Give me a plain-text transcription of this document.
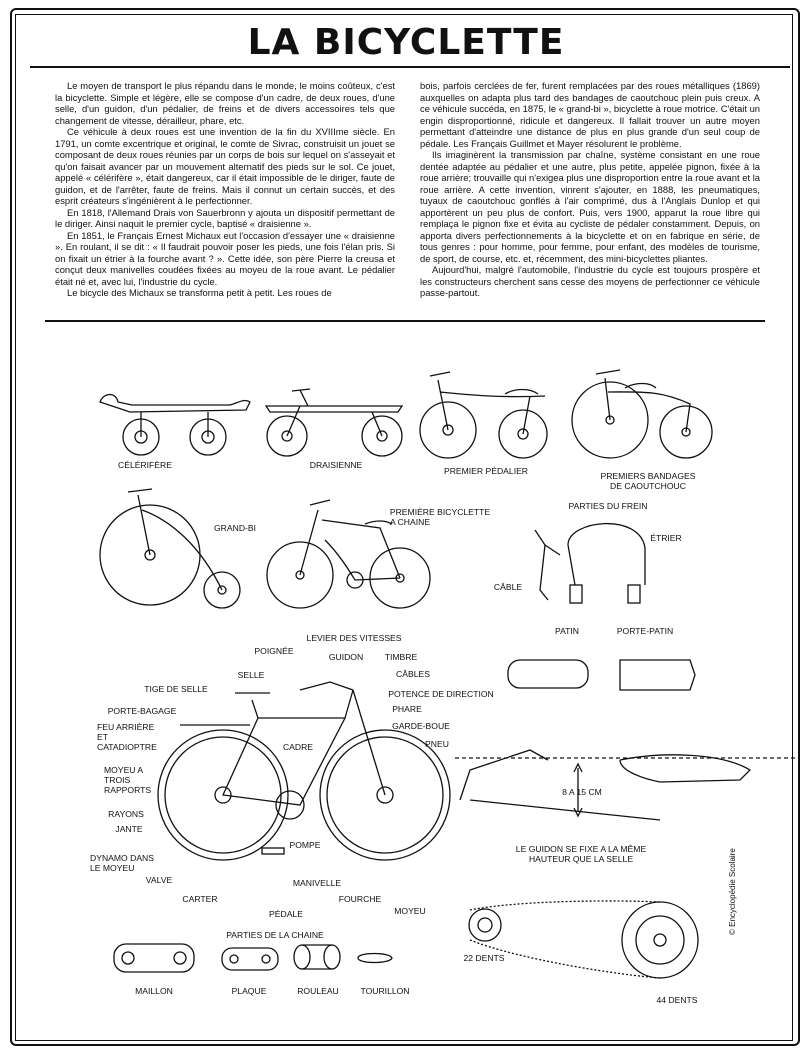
LA BICYCLETTE

Le moyen de transport le plus répandu dans le monde, le moins coûteux, c'est la bicyclette. Simple et légère, elle se compose d'un cadre, de deux roues, d'une selle, d'un guidon, d'un pédalier, de freins et de divers accessoires tels que changement de vitesse, dérailleur, phare, etc.

Ce véhicule à deux roues est une invention de la fin du XVIIIme siècle. En 1791, un comte excentrique et original, le comte de Sivrac, construisit un jouet se composant de deux roues réunies par un corps de bois sur lequel on s'asseyait et qu'on faisait avancer par un mouvement alternatif des pieds sur le sol. Ce jouet, appelé « célérifère », était dangereux, car il était impossible de le diriger, faute de guidon, et de l'arrêter, faute de freins. Mais il connut un certain succès, et des esprit créateurs s'ingénièrent à le perfectionner.

En 1818, l'Allemand Drais von Sauerbronn y ajouta un dispositif permettant de le diriger. Ainsi naquit le premier cycle, baptisé « draisienne ».

En 1851, le Français Ernest Michaux eut l'occasion d'essayer une « draisienne ». En roulant, il se dit : « Il faudrait pouvoir poser les pieds, une fois l'élan pris. Si on fixait un étrier à la fourche avant ? ». Cette idée, son père Pierre la creusa et conçut deux manivelles coudées fixées au moyeu de la roue avant. Le pédalier était né et, avec lui, l'industrie du cycle.

Le bicycle des Michaux se transforma petit à petit. Les roues de

bois, parfois cerclées de fer, furent remplacées par des roues métalliques (1869) auxquelles on adapta plus tard des bandages de caoutchouc plein puis creux. A ce véhicule succéda, en 1875, le « grand-bi », bicyclette à roue motrice. C'était un engin disproportionné, ridicule et dangereux. Il fallait trouver un autre moyen permettant d'atteindre une distance de plus en plus grande d'un seul coup de pédale. Les Français Guillmet et Mayer résolurent le problème.

Ils imaginèrent la transmission par chaîne, système consistant en une roue dentée adaptée au pédalier et une autre, plus petite, appelée pignon, fixée à la roue arrière; trouvaille qui n'exigea plus une disproportion entre la roue avant et la roue arrière. A cette invention, vinrent s'ajouter, en 1888, les pneumatiques, tuyaux de caoutchouc gonflés à l'air comprimé, dus à l'Anglais Dunlop et qui apportèrent un peu plus de confort. Puis, vers 1900, apparut la roue libre qui remplaça le pignon fixe et évita au cycliste de pédaler constamment. Depuis, on apporta divers perfectionnements à la bicyclette et on en fabrique en série, de tous genres : pour homme, pour femme, pour enfant, des modèles de tourisme, de sport, de course, etc. et, récemment, des mini-bicyclettes pliantes.

Aujourd'hui, malgré l'automobile, l'industrie du cycle est toujours prospère et les constructeurs cherchent sans cesse des moyens de perfectionner ce véhicule passe-partout.

CÉLÉRIFÈRE	DRAISIENNE
PREMIER PÉDALIER	PREMIERS BANDAGES
DE CAOUTCHOUC
GRAND-BI
PREMIÈRE BICYCLETTE
A CHAINE
PARTIES DU FREIN
ÉTRIER
CÂBLE
PATIN	PORTE-PATIN
LEVIER DES VITESSES
POIGNÉE
GUIDON	TIMBRE
SELLE	CÂBLES
TIGE DE SELLE	POTENCE DE DIRECTION
PORTE-BAGAGE	PHARE
FEU ARRIÈRE
ET
CATADIOPTRE
GARDE-BOUE
CADRE	PNEU
MOYEU A
TROIS
RAPPORTS
RAYONS
JANTE
POMPE
DYNAMO DANS
LE MOYEU
VALVE	MANIVELLE
FOURCHE
CARTER
MOYEU
PÉDALE
8 A 15 CM
LE GUIDON SE FIXE A LA MÊME
HAUTEUR QUE LA SELLE
PARTIES DE LA CHAINE
MAILLON	PLAQUE	ROULEAU	TOURILLON
22 DENTS
44 DENTS
© Encyclopédie Scolaire
